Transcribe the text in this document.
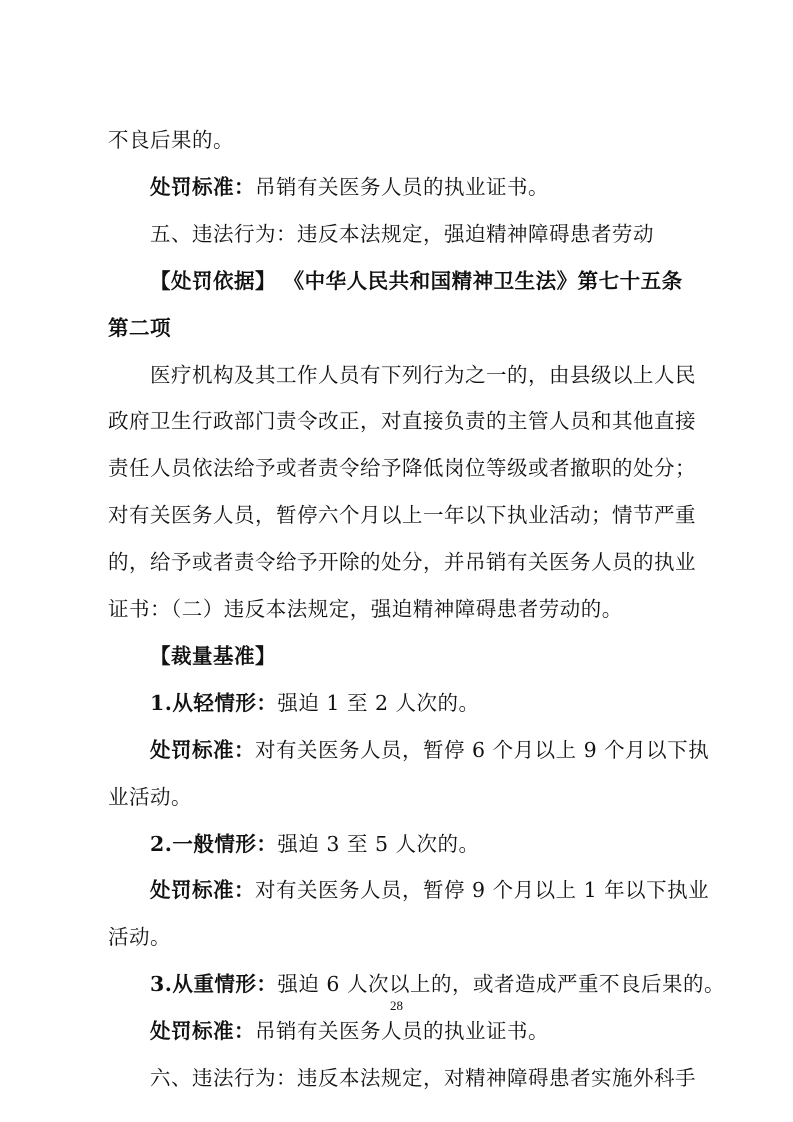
不良后果的。
处罚标准：吊销有关医务人员的执业证书。
五、违法行为：违反本法规定，强迫精神障碍患者劳动
【处罚依据】 《中华人民共和国精神卫生法》第七十五条
第二项
医疗机构及其工作人员有下列行为之一的，由县级以上人民
政府卫生行政部门责令改正，对直接负责的主管人员和其他直接
责任人员依法给予或者责令给予降低岗位等级或者撤职的处分；
对有关医务人员，暂停六个月以上一年以下执业活动；情节严重
的，给予或者责令给予开除的处分，并吊销有关医务人员的执业
证书：（二）违反本法规定，强迫精神障碍患者劳动的。
【裁量基准】
1.从轻情形：强迫 1 至 2 人次的。
处罚标准：对有关医务人员，暂停 6 个月以上 9 个月以下执
业活动。
2.一般情形：强迫 3 至 5 人次的。
处罚标准：对有关医务人员，暂停 9 个月以上 1 年以下执业
活动。
3.从重情形：强迫 6 人次以上的，或者造成严重不良后果的。
处罚标准：吊销有关医务人员的执业证书。
六、违法行为：违反本法规定，对精神障碍患者实施外科手
28
